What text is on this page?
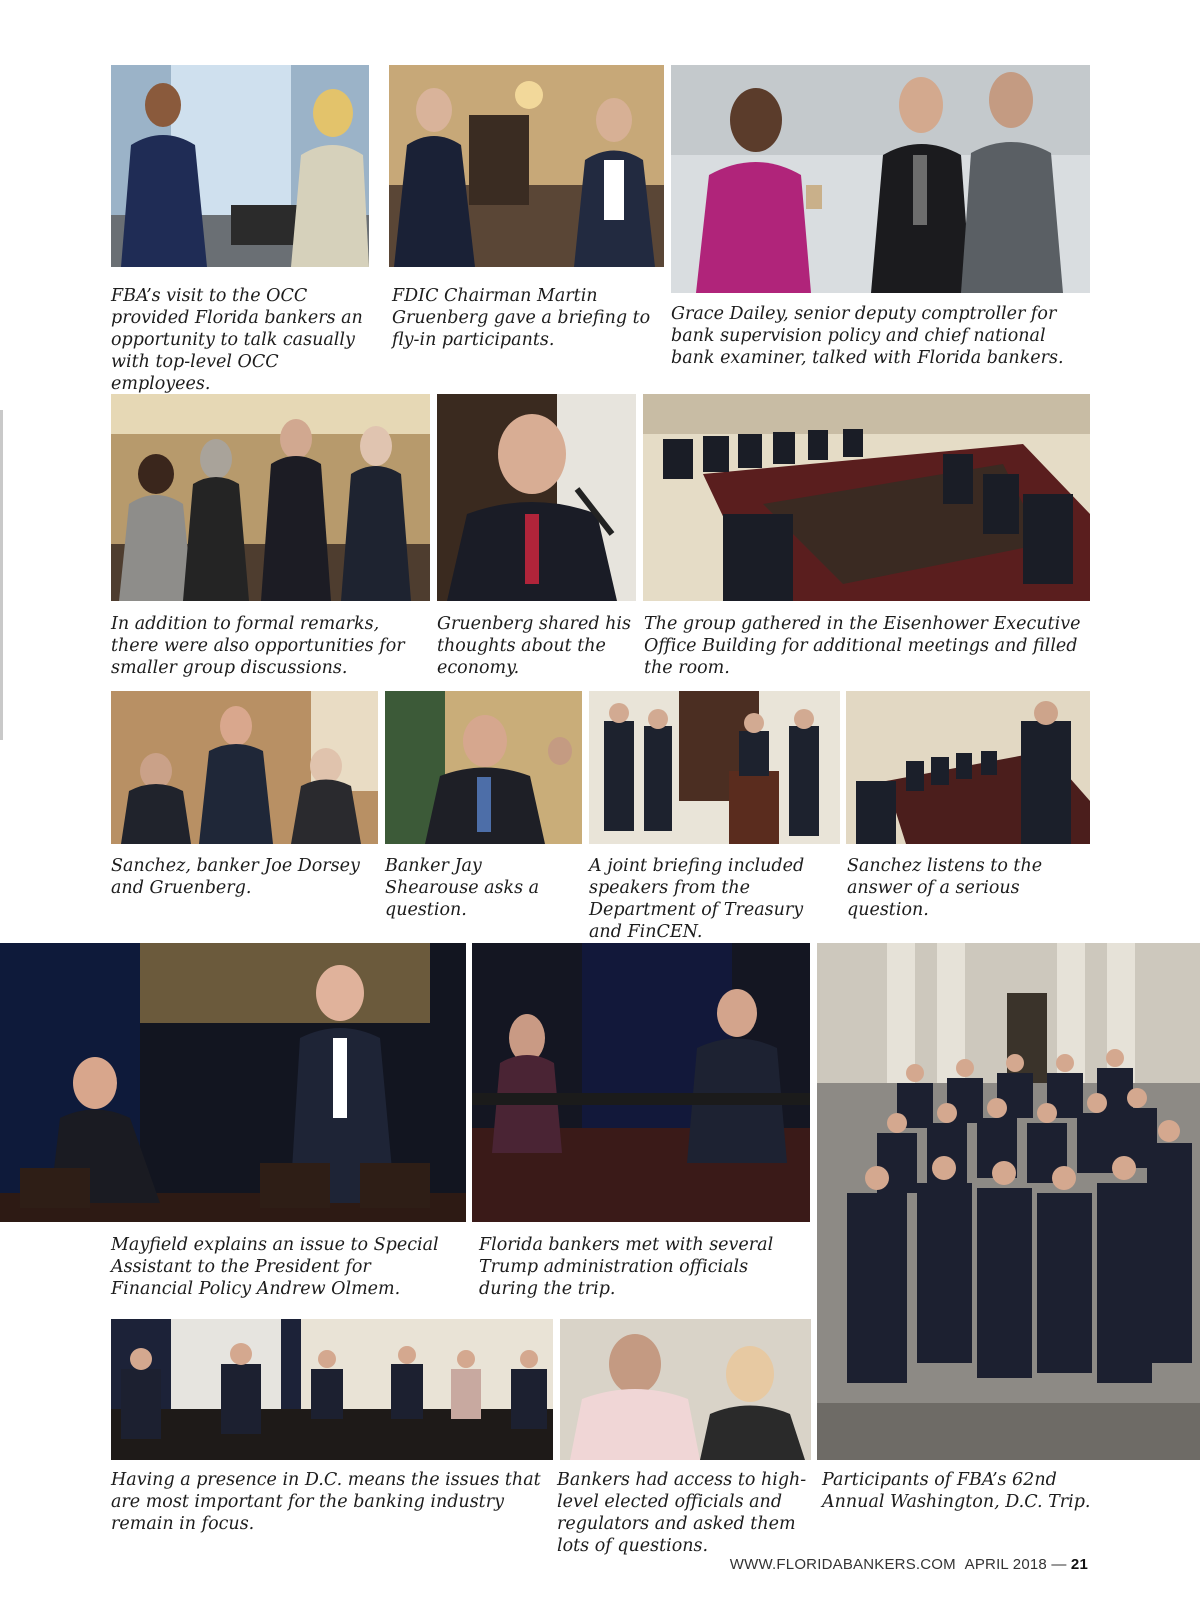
FBA’s visit to the OCC provided Florida bankers an opportunity to talk casually with top-level OCC employees.

FDIC Chairman Martin Gruenberg gave a briefing to fly-in participants.

Grace Dailey, senior deputy comptroller for bank supervision policy and chief national bank examiner, talked with Florida bankers.

In addition to formal remarks, there were also opportunities for smaller group discussions.

Gruenberg shared his thoughts about the economy.

The group gathered in the Eisenhower Executive Office Building for additional meetings and filled the room.

Sanchez, banker Joe Dorsey and Gruenberg.

Banker Jay Shearouse asks a question.

A joint briefing included speakers from the Department of Treasury and FinCEN.

Sanchez listens to the answer of a serious question.

Mayfield explains an issue to Special Assistant to the President for Financial Policy Andrew Olmem.

Florida bankers met with several Trump administration officials during the trip.

Having a presence in D.C. means the issues that are most important for the banking industry remain in focus.

Bankers had access to high-level elected officials and regulators and asked them lots of questions.

Participants of FBA’s 62nd Annual Washington, D.C. Trip.

WWW.FLORIDABANKERS.COM APRIL 2018 — 21
